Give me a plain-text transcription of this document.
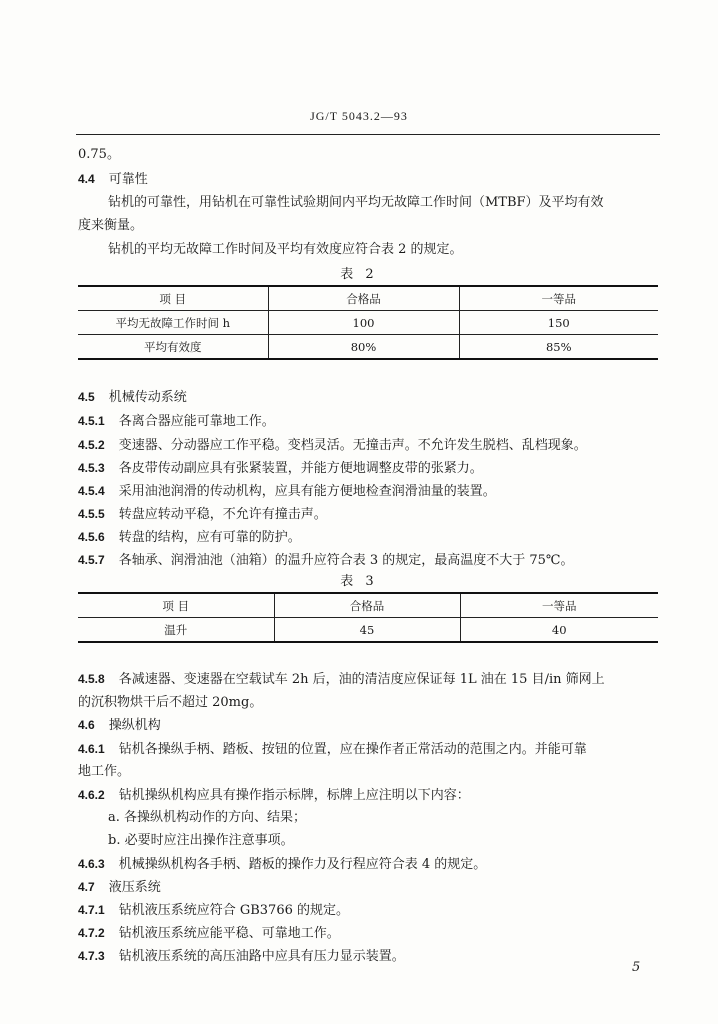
JG/T 5043.2—93
0.75。
4.4 可靠性
钻机的可靠性，用钻机在可靠性试验期间内平均无故障工作时间（MTBF）及平均有效
度来衡量。
钻机的平均无故障工作时间及平均有效度应符合表 2 的规定。
表 2
项 目	合格品	一等品
平均无故障工作时间 h	100	150
平均有效度	80%	85%
4.5 机械传动系统
4.5.1 各离合器应能可靠地工作。
4.5.2 变速器、分动器应工作平稳。变档灵活。无撞击声。不允许发生脱档、乱档现象。
4.5.3 各皮带传动副应具有张紧装置，并能方便地调整皮带的张紧力。
4.5.4 采用油池润滑的传动机构，应具有能方便地检查润滑油量的装置。
4.5.5 转盘应转动平稳，不允许有撞击声。
4.5.6 转盘的结构，应有可靠的防护。
4.5.7 各轴承、润滑油池（油箱）的温升应符合表 3 的规定，最高温度不大于 75℃。
表 3
项 目	合格品	一等品
温升	45	40
4.5.8 各减速器、变速器在空载试车 2h 后，油的清洁度应保证每 1L 油在 15 目/in 筛网上
的沉积物烘干后不超过 20mg。
4.6 操纵机构
4.6.1 钻机各操纵手柄、踏板、按钮的位置，应在操作者正常活动的范围之内。并能可靠
地工作。
4.6.2 钻机操纵机构应具有操作指示标牌，标牌上应注明以下内容：
a. 各操纵机构动作的方向、结果；
b. 必要时应注出操作注意事项。
4.6.3 机械操纵机构各手柄、踏板的操作力及行程应符合表 4 的规定。
4.7 液压系统
4.7.1 钻机液压系统应符合 GB3766 的规定。
4.7.2 钻机液压系统应能平稳、可靠地工作。
4.7.3 钻机液压系统的高压油路中应具有压力显示装置。
5
